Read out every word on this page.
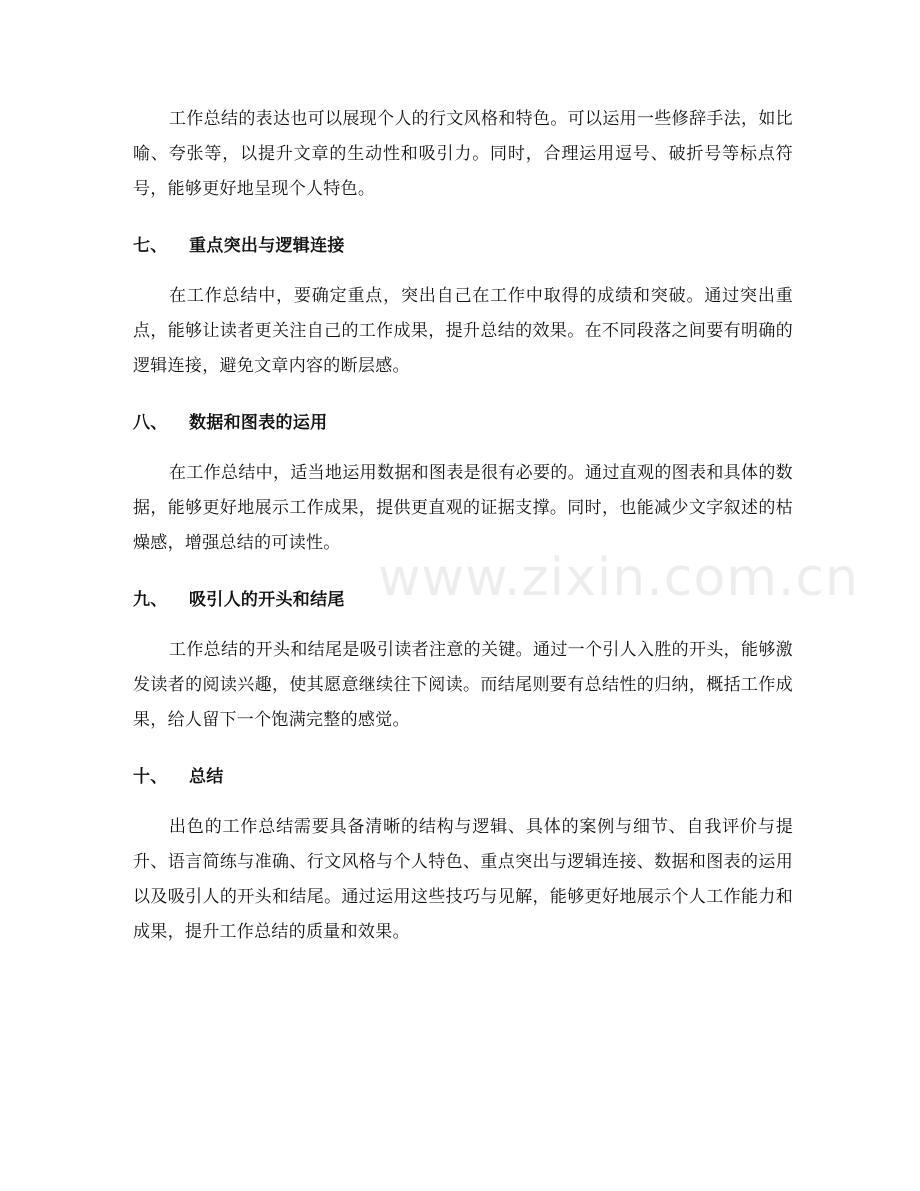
工作总结的表达也可以展现个人的行文风格和特色。可以运用一些修辞手法，如比喻、夸张等，以提升文章的生动性和吸引力。同时，合理运用逗号、破折号等标点符号，能够更好地呈现个人特色。

七、	重点突出与逻辑连接

在工作总结中，要确定重点，突出自己在工作中取得的成绩和突破。通过突出重点，能够让读者更关注自己的工作成果，提升总结的效果。在不同段落之间要有明确的逻辑连接，避免文章内容的断层感。

八、	数据和图表的运用

在工作总结中，适当地运用数据和图表是很有必要的。通过直观的图表和具体的数据，能够更好地展示工作成果，提供更直观的证据支撑。同时，也能减少文字叙述的枯燥感，增强总结的可读性。

九、	吸引人的开头和结尾

工作总结的开头和结尾是吸引读者注意的关键。通过一个引人入胜的开头，能够激发读者的阅读兴趣，使其愿意继续往下阅读。而结尾则要有总结性的归纳，概括工作成果，给人留下一个饱满完整的感觉。

十、	总结

出色的工作总结需要具备清晰的结构与逻辑、具体的案例与细节、自我评价与提升、语言简练与准确、行文风格与个人特色、重点突出与逻辑连接、数据和图表的运用以及吸引人的开头和结尾。通过运用这些技巧与见解，能够更好地展示个人工作能力和成果，提升工作总结的质量和效果。

www.zixin.com.cn
